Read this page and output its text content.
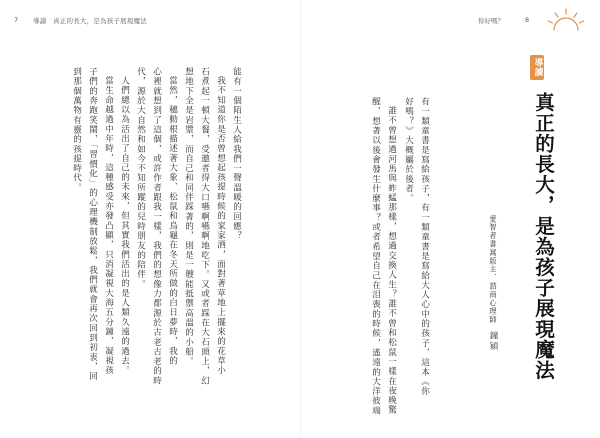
7 導讀　真正的長大，是為孩子展現魔法	你好嗎？	8
導讀
真正的長大，是為孩子展現魔法
愛智者書窩版主．諮商心理師
鐘穎
有一類童書是寫給孩子，有一類童書是寫給大人心中的孩子，這本《你
好嗎？》大概屬於後者。
誰不曾想過河馬與蚱蜢那樣，想過交換人生？誰不曾和松鼠一樣在夜晚驚
醒，想著以後會發生什麼事？或者希望自己在泪喪的時候，遙遠的大洋彼端
能有一個陌生人給我們一聲溫暖的回應？
我不知道你是否曾想起孩提時候的家家酒，面對著草地上擺來的花草小
石煮起一頓大餐，受邀者得大口嚥啊嚥啊地吃下。又或者踩在大石頭上，幻
想地下全是岩漿，而自己和同伴踩著的，則是一艘能抵禦高溫的小船。
當然，穗動根描述著大象、松鼠和烏龜在冬天所做的白日夢時，我的
心裡就想到了這個，或許作者跟我一樣，我們的想像力都源於古老古老的時
代，源於大自然和如今不知所蹤的兒時朋友的陪伴。
人們總以為活出了自己的未來，但其實我們活出的是人類久遠的過去。
當生命越過中年時，這種感受亦發凸顯，只消凝視大海五分鐘，凝視孩
子們的奔跑笑鬧，「習慣化」的心理機制放鬆，我們就會再次回到初衷，回
到那個萬物有靈的孩提時代。
